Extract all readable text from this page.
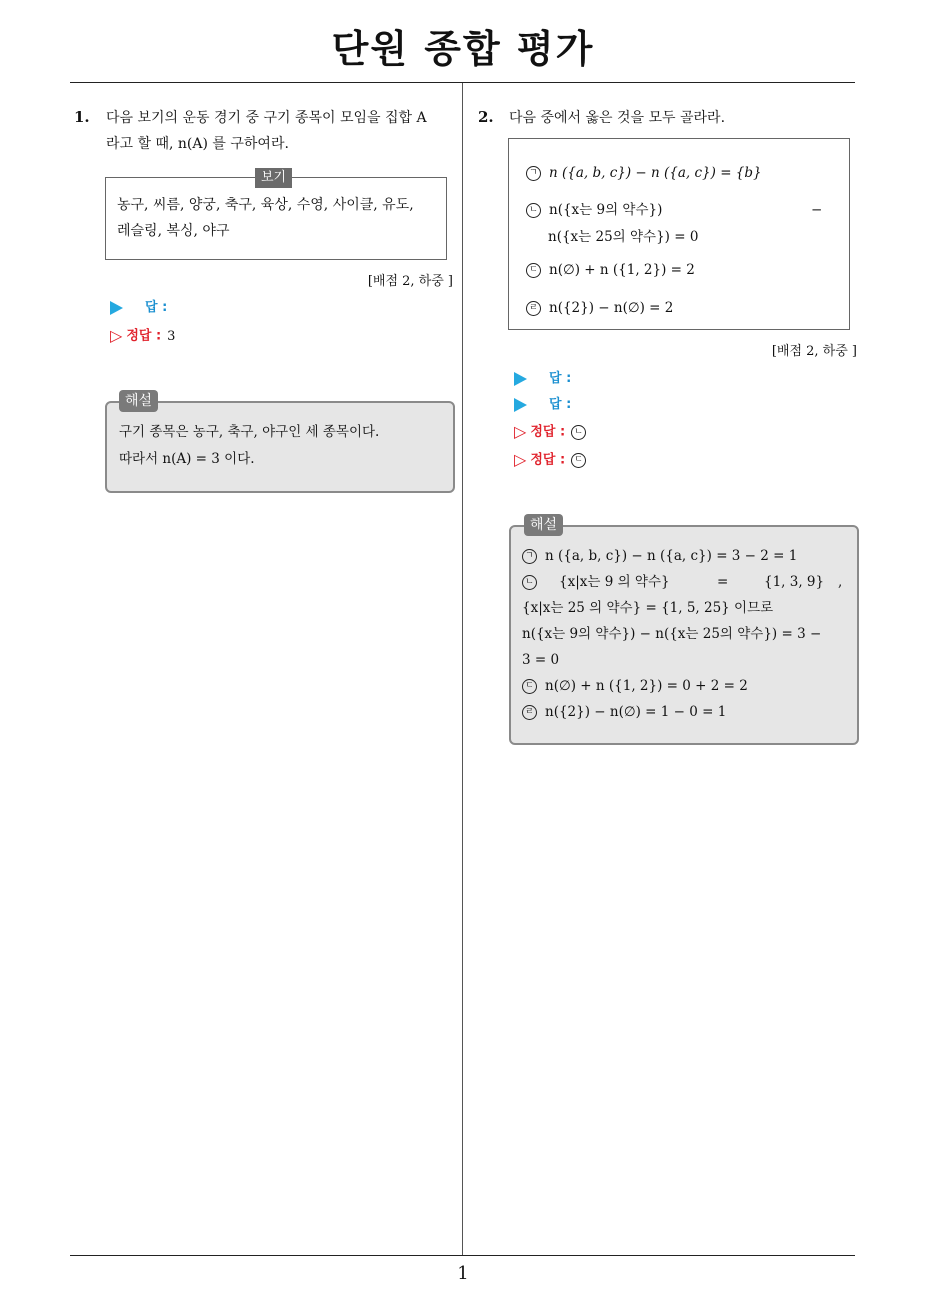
단원 종합 평가
1. 다음 보기의 운동 경기 중 구기 종목이 모임을 집합 A
라고 할 때, n(A) 를 구하여라.
보기
농구, 씨름, 양궁, 축구, 육상, 수영, 사이클, 유도,
레슬링, 복싱, 야구
[배점 2, 하중 ]
답 :
▷ 정답 : 3
해설
구기 종목은 농구, 축구, 야구인 세 종목이다.
따라서 n(A) = 3 이다.
2. 다음 중에서 옳은 것을 모두 골라라.
ㄱ n ({a, b, c}) − n ({a, c}) = {b}
ㄴ n({x는 9의 약수})	−
n({x는 25의 약수}) = 0
ㄷ n(∅) + n ({1, 2}) = 2
ㄹ n({2}) − n(∅) = 2
[배점 2, 하중 ]
답 :
답 :
▷ 정답 : ㄴ
▷ 정답 : ㄷ
해설
ㄱ n ({a, b, c}) − n ({a, c}) = 3 − 2 = 1
ㄴ {x|x는 9 의 약수}	=	{1, 3, 9} ,
{x|x는 25 의 약수} = {1, 5, 25} 이므로
n({x는 9의 약수}) − n({x는 25의 약수}) = 3 −
3 = 0
ㄷ n(∅) + n ({1, 2}) = 0 + 2 = 2
ㄹ n({2}) − n(∅) = 1 − 0 = 1
1
